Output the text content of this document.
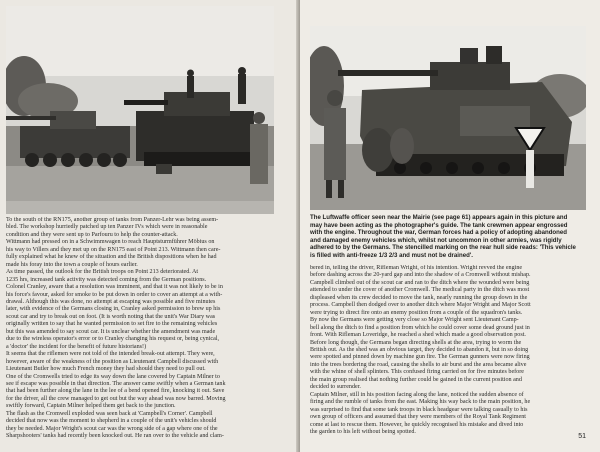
To the south of the RN175, another group of tanks from Panzer-Lehr was being assem-
bled. The workshop hurriedly patched up ten Panzer IVs which were in reasonable
condition and they were sent up to Parfouru to help the counter-attack.
Wittmann had pressed on in a Schwimmwagen to reach Hauptsturmführer Möbius on
his way to Villers and they met up on the RN175 east of Point 213. Wittmann then care-
fully explained what he knew of the situation and the British dispositions when he had
made his foray into the town a couple of hours earlier.
As time passed, the outlook for the British troops on Point 213 deteriorated. At
1235 hrs, increased tank activity was detected coming from the German positions.
Colonel Cranley, aware that a resolution was imminent, and that it was not likely to be in
his force's favour, asked for smoke to be put down in order to cover an attempt at a with-
drawal. Although this was done, no attempt at escaping was possible and five minutes
later, with evidence of the Germans closing in, Cranley asked permission to brew up his
scout car and try to break out on foot. (It is worth noting that the unit's War Diary was
originally written to say that he wanted permission to set fire to the remaining vehicles
but this was amended to say scout car. It is unclear whether the amendment was made
due to the wireless operator's error or to Cranley changing his request or, being cynical,
a 'doctor' the incident for the benefit of future historians!)
It seems that the riflemen were not told of the intended break-out attempt. They were,
however, aware of the weakness of the position as Lieutenant Campbell discussed with
Lieutenant Butler how much French money they had should they need to pull out.
One of the Cromwells tried to edge its way down the lane covered by Captain Milner to
see if escape was possible in that direction. The answer came swiftly when a German tank
that had been further along the lane in the lee of a bend opened fire, knocking it out. Save
for the driver, all the crew managed to get out but the way ahead was now barred. Moving
swiftly forward, Captain Milner helped them get back to the junction.
The flash as the Cromwell exploded was seen back at 'Campbell's Corner'. Campbell
decided that now was the moment to shepherd in a couple of the unit's vehicles should
they be needed. Major Wright's scout car was the wrong side of a gap where one of the
Sharpshooters' tanks had recently been knocked out. He ran over to the vehicle and clam-
The Luftwaffe officer seen near the Mairie (see page 61) appears again in this picture and
may have been acting as the photographer's guide. The tank crewmen appear engrossed
with the engine. Throughout the war, German forces had a policy of adopting abandoned
and damaged enemy vehicles which, whilst not uncommon in other armies, was rigidly
adhered to by the Germans. The stencilled marking on the rear hull side reads: 'This vehicle
is filled with anti-freeze 1/3 2/3 and must not be drained'.
bered in, telling the driver, Rifleman Wright, of his intention. Wright revved the engine
before dashing across the 20-yard gap and into the shadow of a Cromwell without mishap.
Campbell climbed out of the scout car and ran to the ditch where the wounded were being
attended to under the cover of another Cromwell. The medical party in the ditch was most
displeased when its crew decided to move the tank, nearly running the group down in the
process. Campbell then dodged over to another ditch where Major Wright and Major Scott
were trying to direct fire onto an enemy position from a couple of the squadron's tanks.
By now the Germans were getting very close so Major Wright sent Lieutenant Camp-
bell along the ditch to find a position from which he could cover some dead ground just in
front. With Rifleman Loveridge, he reached a shed which made a good observation post.
Before long though, the Germans began directing shells at the area, trying to worm the
British out. As the shed was an obvious target, they decided to abandon it, but in so doing
were spotted and pinned down by machine gun fire. The German gunners were now firing
into the trees bordering the road, causing the shells to air burst and the area became alive
with the whine of shell splinters. This confused firing carried on for five minutes before
the main group realised that nothing further could be gained in the current position and
decided to surrender.
Captain Milner, still in his position facing along the lane, noticed the sudden absence of
firing and the rumble of tanks from the east. Making his way back to the main position, he
was surprised to find that some tank troops in black headgear were talking casually to his
own group of officers and assumed that they were members of the Royal Tank Regiment
come at last to rescue them. However, he quickly recognised his mistake and dived into
the garden to his left without being spotted.
51
